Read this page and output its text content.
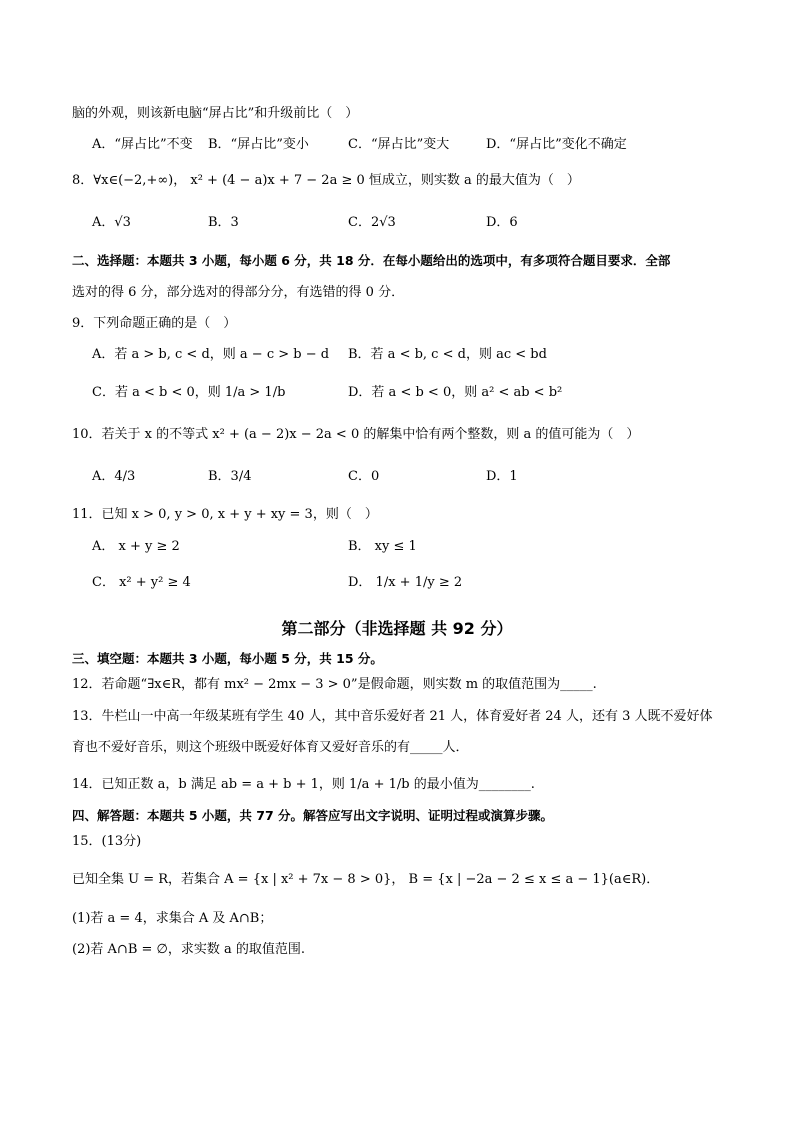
脑的外观，则该新电脑“屏占比”和升级前比（　）
A．“屏占比”不变 B．“屏占比”变小	C．“屏占比”变大	D．“屏占比”变化不确定
8．∀x∈(−2,+∞)， x² + (4 − a)x + 7 − 2a ≥ 0 恒成立，则实数 a 的最大值为（　）
A．√3	B．3	C．2√3	D．6
二、选择题：本题共 3 小题，每小题 6 分，共 18 分．在每小题给出的选项中，有多项符合题目要求．全部
选对的得 6 分，部分选对的得部分分，有选错的得 0 分．
9．下列命题正确的是（　）
A．若 a > b, c < d，则 a − c > b − d B．若 a < b, c < d，则 ac < bd
C．若 a < b < 0，则 1/a > 1/b	D．若 a < b < 0，则 a² < ab < b²
10．若关于 x 的不等式 x² + (a − 2)x − 2a < 0 的解集中恰有两个整数，则 a 的值可能为（　）
A．4/3	B．3/4	C．0	D．1
11．已知 x > 0, y > 0, x + y + xy = 3，则（　）
A． x + y ≥ 2	B． xy ≤ 1
C． x² + y² ≥ 4	D． 1/x + 1/y ≥ 2
第二部分（非选择题 共 92 分）
三、填空题：本题共 3 小题，每小题 5 分，共 15 分。
12．若命题“∃x∈R，都有 mx² − 2mx − 3 > 0”是假命题，则实数 m 的取值范围为_____.
13．牛栏山一中高一年级某班有学生 40 人，其中音乐爱好者 21 人，体育爱好者 24 人，还有 3 人既不爱好体
育也不爱好音乐，则这个班级中既爱好体育又爱好音乐的有_____人．
14．已知正数 a，b 满足 ab = a + b + 1，则 1/a + 1/b 的最小值为________.
四、解答题：本题共 5 小题，共 77 分。解答应写出文字说明、证明过程或演算步骤。
15．(13分)
已知全集 U = R，若集合 A = {x | x² + 7x − 8 > 0}， B = {x | −2a − 2 ≤ x ≤ a − 1}(a∈R)．
(1)若 a = 4，求集合 A 及 A∩B；
(2)若 A∩B = ∅，求实数 a 的取值范围.
